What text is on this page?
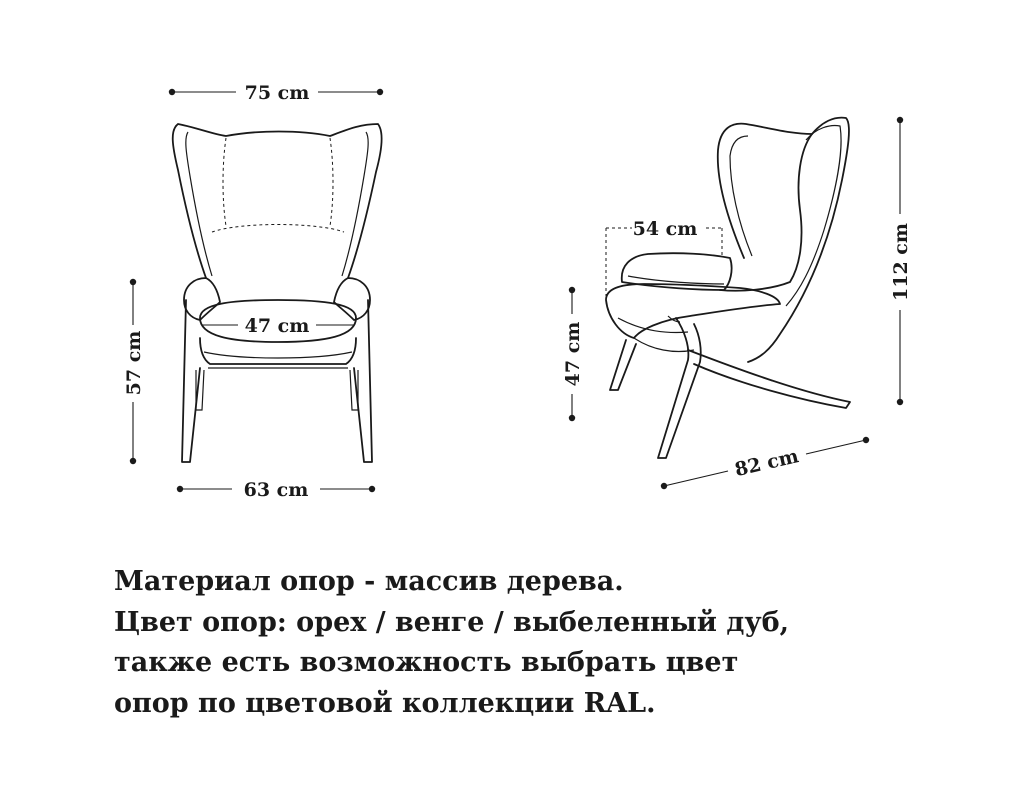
75 cm
47 cm
63 cm
57 cm
54 cm
47 cm
112 cm
82 cm
Материал опор - массив дерева.
Цвет опор: орех / венге / выбеленный дуб,
также есть возможность выбрать цвет
опор по цветовой коллекции RAL.
